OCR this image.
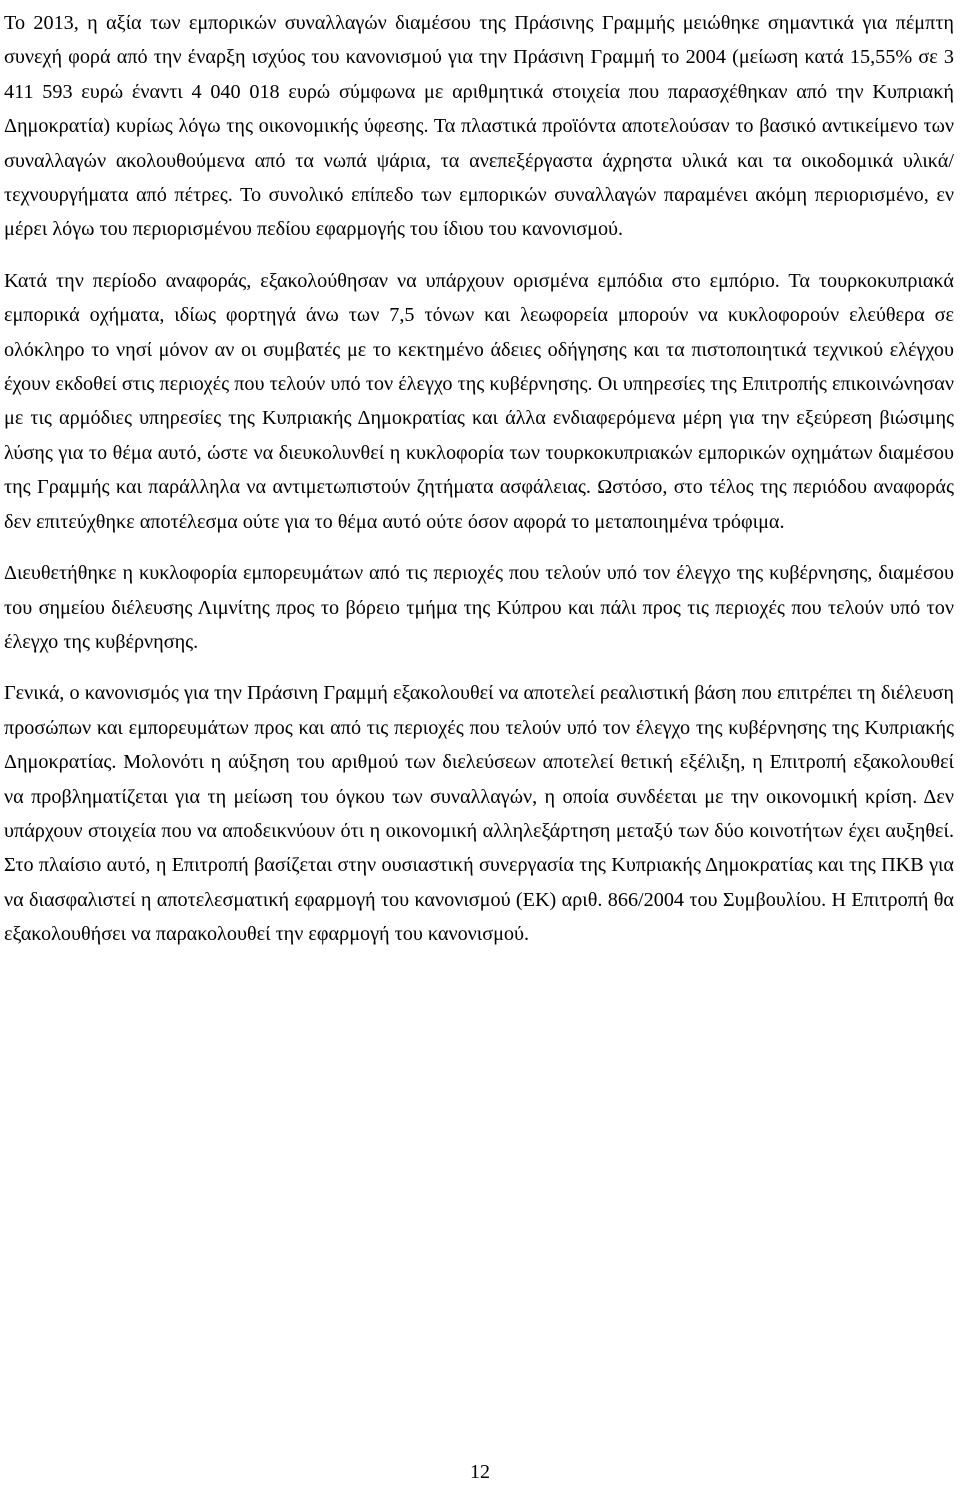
Το 2013, η αξία των εμπορικών συναλλαγών διαμέσου της Πράσινης Γραμμής μειώθηκε σημαντικά για πέμπτη συνεχή φορά από την έναρξη ισχύος του κανονισμού για την Πράσινη Γραμμή το 2004 (μείωση κατά 15,55% σε 3 411 593 ευρώ έναντι 4 040 018 ευρώ σύμφωνα με αριθμητικά στοιχεία που παρασχέθηκαν από την Κυπριακή Δημοκρατία) κυρίως λόγω της οικονομικής ύφεσης. Τα πλαστικά προϊόντα αποτελούσαν το βασικό αντικείμενο των συναλλαγών ακολουθούμενα από τα νωπά ψάρια, τα ανεπεξέργαστα άχρηστα υλικά και τα οικοδομικά υλικά/τεχνουργήματα από πέτρες. Το συνολικό επίπεδο των εμπορικών συναλλαγών παραμένει ακόμη περιορισμένο, εν μέρει λόγω του περιορισμένου πεδίου εφαρμογής του ίδιου του κανονισμού.

Κατά την περίοδο αναφοράς, εξακολούθησαν να υπάρχουν ορισμένα εμπόδια στο εμπόριο. Τα τουρκοκυπριακά εμπορικά οχήματα, ιδίως φορτηγά άνω των 7,5 τόνων και λεωφορεία μπορούν να κυκλοφορούν ελεύθερα σε ολόκληρο το νησί μόνον αν οι συμβατές με το κεκτημένο άδειες οδήγησης και τα πιστοποιητικά τεχνικού ελέγχου έχουν εκδοθεί στις περιοχές που τελούν υπό τον έλεγχο της κυβέρνησης. Οι υπηρεσίες της Επιτροπής επικοινώνησαν με τις αρμόδιες υπηρεσίες της Κυπριακής Δημοκρατίας και άλλα ενδιαφερόμενα μέρη για την εξεύρεση βιώσιμης λύσης για το θέμα αυτό, ώστε να διευκολυνθεί η κυκλοφορία των τουρκοκυπριακών εμπορικών οχημάτων διαμέσου της Γραμμής και παράλληλα να αντιμετωπιστούν ζητήματα ασφάλειας. Ωστόσο, στο τέλος της περιόδου αναφοράς δεν επιτεύχθηκε αποτέλεσμα ούτε για το θέμα αυτό ούτε όσον αφορά το μεταποιημένα τρόφιμα.

Διευθετήθηκε η κυκλοφορία εμπορευμάτων από τις περιοχές που τελούν υπό τον έλεγχο της κυβέρνησης, διαμέσου του σημείου διέλευσης Λιμνίτης προς το βόρειο τμήμα της Κύπρου και πάλι προς τις περιοχές που τελούν υπό τον έλεγχο της κυβέρνησης.

Γενικά, ο κανονισμός για την Πράσινη Γραμμή εξακολουθεί να αποτελεί ρεαλιστική βάση που επιτρέπει τη διέλευση προσώπων και εμπορευμάτων προς και από τις περιοχές που τελούν υπό τον έλεγχο της κυβέρνησης της Κυπριακής Δημοκρατίας. Μολονότι η αύξηση του αριθμού των διελεύσεων αποτελεί θετική εξέλιξη, η Επιτροπή εξακολουθεί να προβληματίζεται για τη μείωση του όγκου των συναλλαγών, η οποία συνδέεται με την οικονομική κρίση. Δεν υπάρχουν στοιχεία που να αποδεικνύουν ότι η οικονομική αλληλεξάρτηση μεταξύ των δύο κοινοτήτων έχει αυξηθεί. Στο πλαίσιο αυτό, η Επιτροπή βασίζεται στην ουσιαστική συνεργασία της Κυπριακής Δημοκρατίας και της ΠΚΒ για να διασφαλιστεί η αποτελεσματική εφαρμογή του κανονισμού (ΕΚ) αριθ. 866/2004 του Συμβουλίου. Η Επιτροπή θα εξακολουθήσει να παρακολουθεί την εφαρμογή του κανονισμού.

12
